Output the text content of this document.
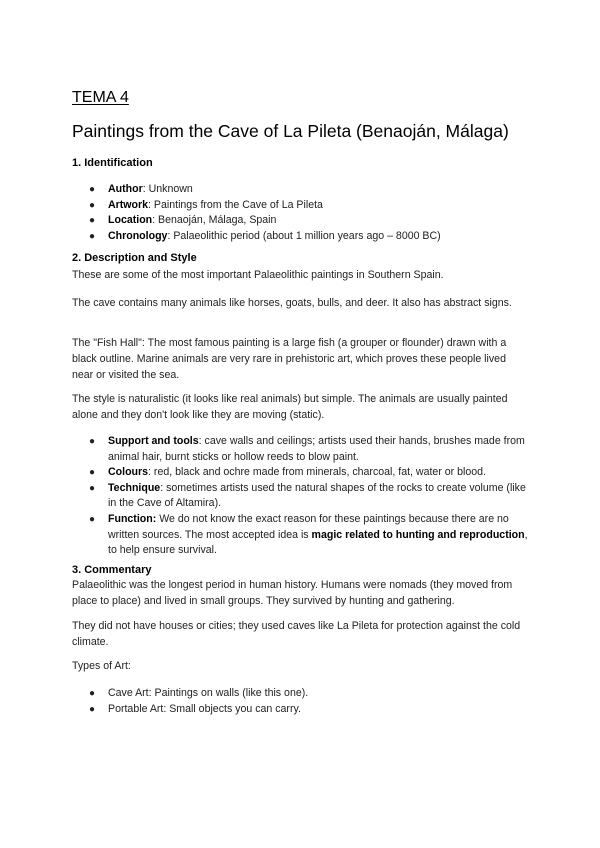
TEMA 4
Paintings from the Cave of La Pileta (Benaoján, Málaga)
1. Identification
● Author: Unknown
● Artwork: Paintings from the Cave of La Pileta
● Location: Benaoján, Málaga, Spain
● Chronology: Palaeolithic period (about 1 million years ago – 8000 BC)
2. Description and Style

These are some of the most important Palaeolithic paintings in Southern Spain.

The cave contains many animals like horses, goats, bulls, and deer. It also has abstract signs.

The "Fish Hall": The most famous painting is a large fish (a grouper or flounder) drawn with a black outline. Marine animals are very rare in prehistoric art, which proves these people lived near or visited the sea.

The style is naturalistic (it looks like real animals) but simple. The animals are usually painted alone and they don't look like they are moving (static).

● Support and tools: cave walls and ceilings; artists used their hands, brushes made from animal hair, burnt sticks or hollow reeds to blow paint.
● Colours: red, black and ochre made from minerals, charcoal, fat, water or blood.
● Technique: sometimes artists used the natural shapes of the rocks to create volume (like in the Cave of Altamira).
● Function: We do not know the exact reason for these paintings because there are no written sources. The most accepted idea is magic related to hunting and reproduction, to help ensure survival.
3. Commentary

Palaeolithic was the longest period in human history. Humans were nomads (they moved from place to place) and lived in small groups. They survived by hunting and gathering.

They did not have houses or cities; they used caves like La Pileta for protection against the cold climate.

Types of Art:

● Cave Art: Paintings on walls (like this one).
● Portable Art: Small objects you can carry.
